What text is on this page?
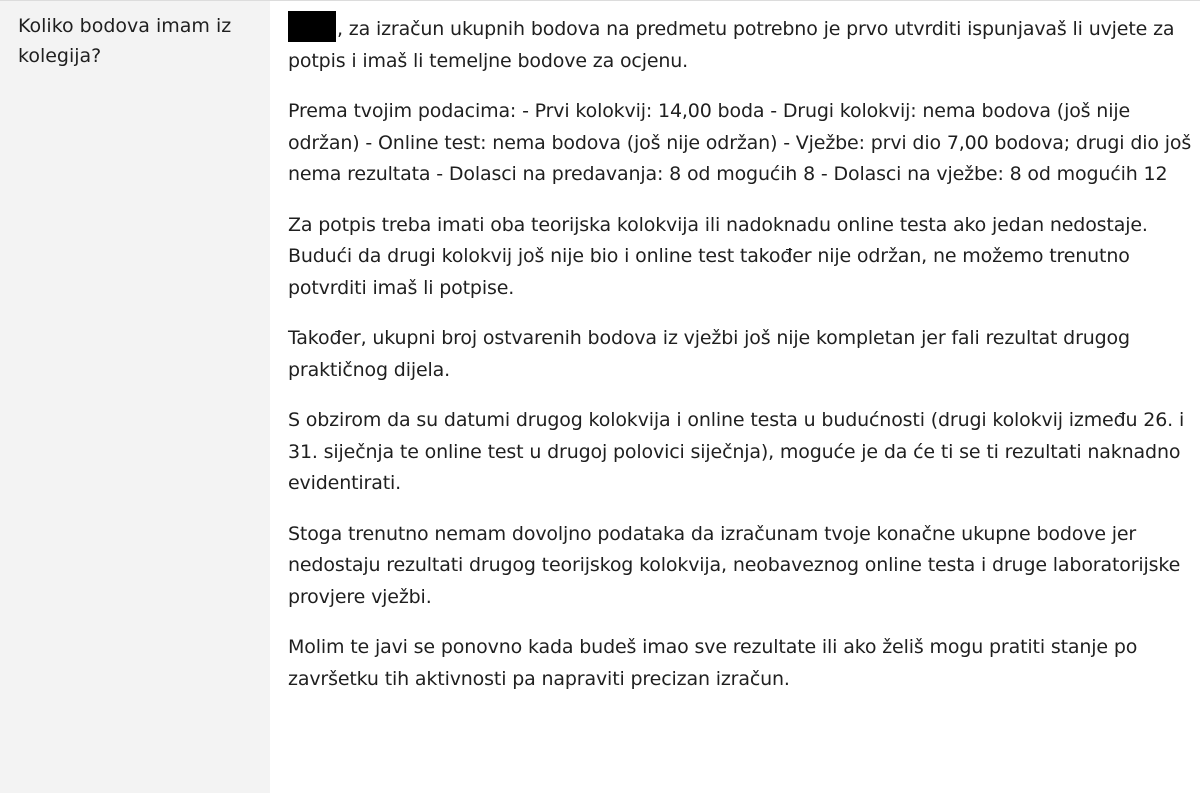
Koliko bodova imam iz kolegija?

, za izračun ukupnih bodova na predmetu potrebno je prvo utvrditi ispunjavaš li uvjete za potpis i imaš li temeljne bodove za ocjenu.

Prema tvojim podacima: - Prvi kolokvij: 14,00 boda - Drugi kolokvij: nema bodova (još nije održan) - Online test: nema bodova (još nije održan) - Vježbe: prvi dio 7,00 bodova; drugi dio još nema rezultata - Dolasci na predavanja: 8 od mogućih 8 - Dolasci na vježbe: 8 od mogućih 12

Za potpis treba imati oba teorijska kolokvija ili nadoknadu online testa ako jedan nedostaje. Budući da drugi kolokvij još nije bio i online test također nije održan, ne možemo trenutno potvrditi imaš li potpise.

Također, ukupni broj ostvarenih bodova iz vježbi još nije kompletan jer fali rezultat drugog praktičnog dijela.

S obzirom da su datumi drugog kolokvija i online testa u budućnosti (drugi kolokvij između 26. i 31. siječnja te online test u drugoj polovici siječnja), moguće je da će ti se ti rezultati naknadno evidentirati.

Stoga trenutno nemam dovoljno podataka da izračunam tvoje konačne ukupne bodove jer nedostaju rezultati drugog teorijskog kolokvija, neobaveznog online testa i druge laboratorijske provjere vježbi.

Molim te javi se ponovno kada budeš imao sve rezultate ili ako želiš mogu pratiti stanje po završetku tih aktivnosti pa napraviti precizan izračun.
